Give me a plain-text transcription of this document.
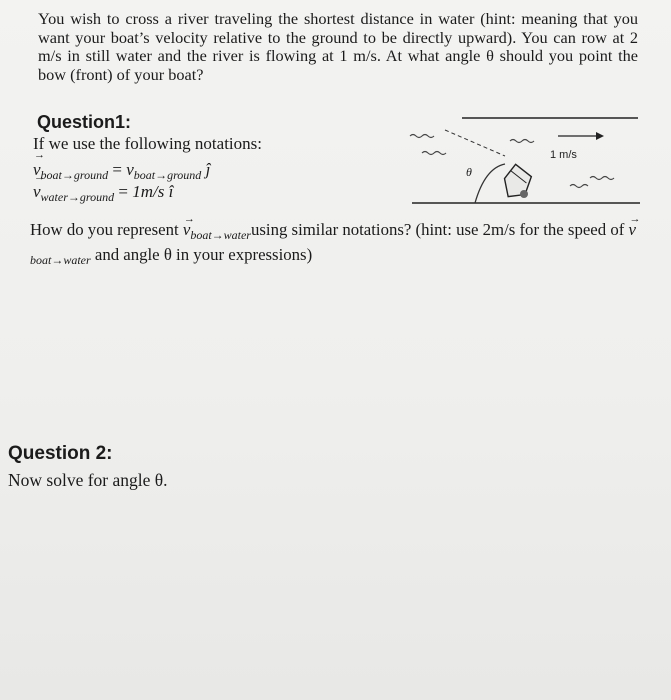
You wish to cross a river traveling the shortest distance in water (hint: meaning that you want your boat’s velocity relative to the ground to be directly upward). You can row at 2 m/s in still water and the river is flowing at 1 m/s. At what angle θ should you point the bow (front) of your boat?
Question1:
If we use the following notations:
→ $v_{boat\to ground} = v_{boat\to ground}$ ĵ
→ $v_{water\to ground} = 1m/s$ î
1 m/s
θ
How do you represent → $v_{boat\to water}using$ similar notations? (hint: use 2m/s for the speed of → $v_{boat\to water}$ and angle θ in your expressions)
Question 2:
Now solve for angle θ.
